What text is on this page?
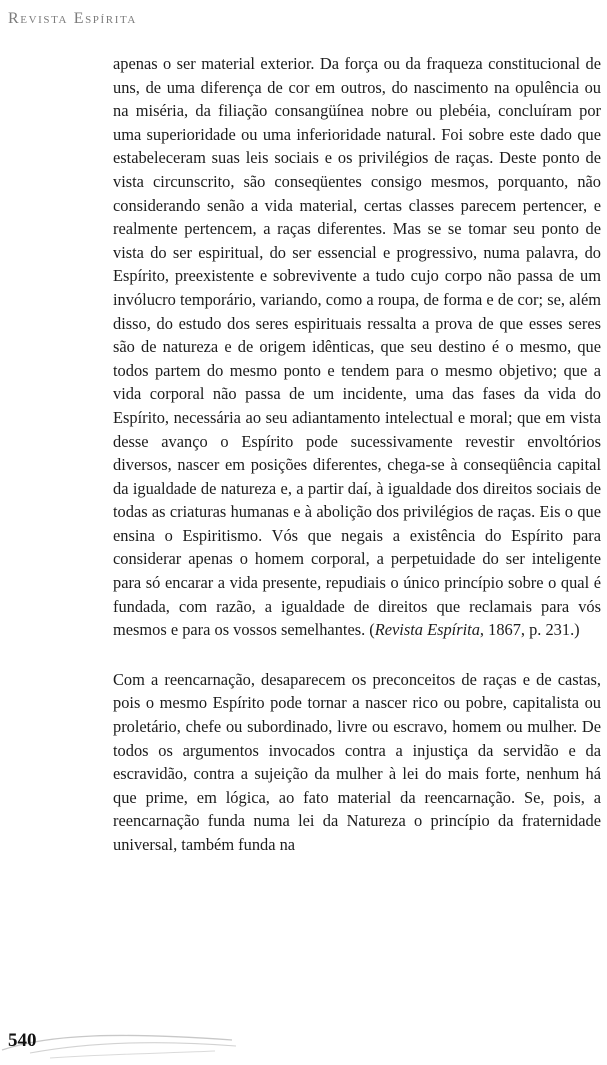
Revista Espírita

apenas o ser material exterior. Da força ou da fraqueza constitucional de uns, de uma diferença de cor em outros, do nascimento na opulência ou na miséria, da filiação consangüínea nobre ou plebéia, concluíram por uma superioridade ou uma inferioridade natural. Foi sobre este dado que estabeleceram suas leis sociais e os privilégios de raças. Deste ponto de vista circunscrito, são conseqüentes consigo mesmos, porquanto, não considerando senão a vida material, certas classes parecem pertencer, e realmente pertencem, a raças diferentes. Mas se se tomar seu ponto de vista do ser espiritual, do ser essencial e progressivo, numa palavra, do Espírito, preexistente e sobrevivente a tudo cujo corpo não passa de um invólucro temporário, variando, como a roupa, de forma e de cor; se, além disso, do estudo dos seres espirituais ressalta a prova de que esses seres são de natureza e de origem idênticas, que seu destino é o mesmo, que todos partem do mesmo ponto e tendem para o mesmo objetivo; que a vida corporal não passa de um incidente, uma das fases da vida do Espírito, necessária ao seu adiantamento intelectual e moral; que em vista desse avanço o Espírito pode sucessivamente revestir envoltórios diversos, nascer em posições diferentes, chega-se à conseqüência capital da igualdade de natureza e, a partir daí, à igualdade dos direitos sociais de todas as criaturas humanas e à abolição dos privilégios de raças. Eis o que ensina o Espiritismo. Vós que negais a existência do Espírito para considerar apenas o homem corporal, a perpetuidade do ser inteligente para só encarar a vida presente, repudiais o único princípio sobre o qual é fundada, com razão, a igualdade de direitos que reclamais para vós mesmos e para os vossos semelhantes. (Revista Espírita, 1867, p. 231.)

Com a reencarnação, desaparecem os preconceitos de raças e de castas, pois o mesmo Espírito pode tornar a nascer rico ou pobre, capitalista ou proletário, chefe ou subordinado, livre ou escravo, homem ou mulher. De todos os argumentos invocados contra a injustiça da servidão e da escravidão, contra a sujeição da mulher à lei do mais forte, nenhum há que prime, em lógica, ao fato material da reencarnação. Se, pois, a reencarnação funda numa lei da Natureza o princípio da fraternidade universal, também funda na

540
